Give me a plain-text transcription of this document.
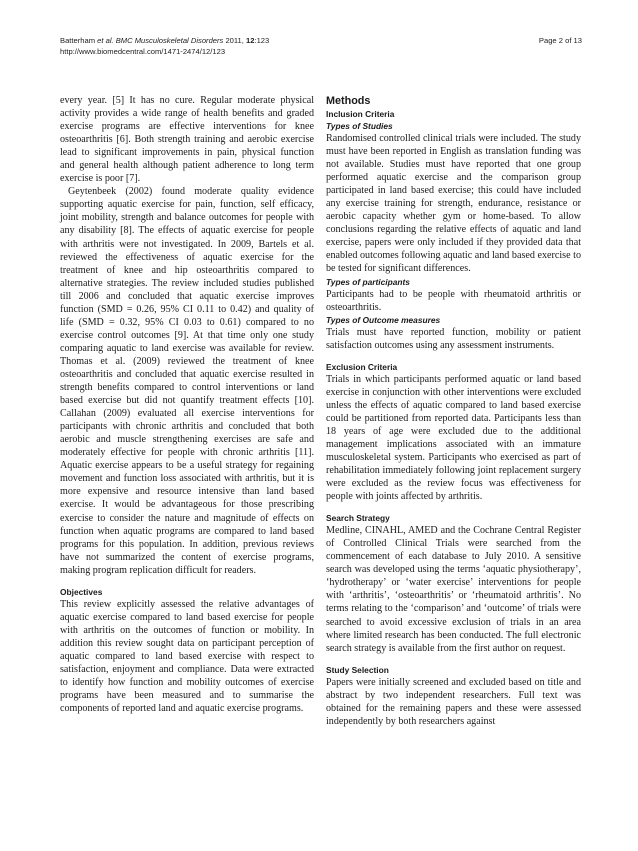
Batterham et al. BMC Musculoskeletal Disorders 2011, 12:123
http://www.biomedcentral.com/1471-2474/12/123
Page 2 of 13

every year. [5] It has no cure. Regular moderate physical activity provides a wide range of health benefits and graded exercise programs are effective interventions for knee osteoarthritis [6]. Both strength training and aerobic exercise lead to significant improvements in pain, physical function and general health although patient adherence to long term exercise is poor [7].

Geytenbeek (2002) found moderate quality evidence supporting aquatic exercise for pain, function, self efficacy, joint mobility, strength and balance outcomes for people with any disability [8]. The effects of aquatic exercise for people with arthritis were not investigated. In 2009, Bartels et al. reviewed the effectiveness of aquatic exercise for the treatment of knee and hip osteoarthritis compared to alternative strategies. The review included studies published till 2006 and concluded that aquatic exercise improves function (SMD = 0.26, 95% CI 0.11 to 0.42) and quality of life (SMD = 0.32, 95% CI 0.03 to 0.61) compared to no exercise control outcomes [9]. At that time only one study comparing aquatic to land exercise was available for review. Thomas et al. (2009) reviewed the treatment of knee osteoarthritis and concluded that aquatic exercise resulted in strength benefits compared to control interventions or land based exercise but did not quantify treatment effects [10]. Callahan (2009) evaluated all exercise interventions for participants with chronic arthritis and concluded that both aerobic and muscle strengthening exercises are safe and moderately effective for people with chronic arthritis [11]. Aquatic exercise appears to be a useful strategy for regaining movement and function loss associated with arthritis, but it is more expensive and resource intensive than land based exercise. It would be advantageous for those prescribing exercise to consider the nature and magnitude of effects on function when aquatic programs are compared to land based programs for this population. In addition, previous reviews have not summarized the content of exercise programs, making program replication difficult for readers.

Objectives

This review explicitly assessed the relative advantages of aquatic exercise compared to land based exercise for people with arthritis on the outcomes of function or mobility. In addition this review sought data on participant perception of aquatic compared to land based exercise with respect to satisfaction, enjoyment and compliance. Data were extracted to identify how function and mobility outcomes of exercise programs have been measured and to summarise the components of reported land and aquatic exercise programs.

Methods
Inclusion Criteria
Types of Studies

Randomised controlled clinical trials were included. The study must have been reported in English as translation funding was not available. Studies must have reported that one group performed aquatic exercise and the comparison group participated in land based exercise; this could have included any exercise training for strength, endurance, resistance or aerobic capacity whether gym or home-based. To allow conclusions regarding the relative effects of aquatic and land exercise, papers were only included if they provided data that enabled outcomes following aquatic and land based exercise to be tested for significant differences.

Types of participants

Participants had to be people with rheumatoid arthritis or osteoarthritis.

Types of Outcome measures

Trials must have reported function, mobility or patient satisfaction outcomes using any assessment instruments.

Exclusion Criteria

Trials in which participants performed aquatic or land based exercise in conjunction with other interventions were excluded unless the effects of aquatic compared to land based exercise could be partitioned from reported data. Participants less than 18 years of age were excluded due to the additional management implications associated with an immature musculoskeletal system. Participants who exercised as part of rehabilitation immediately following joint replacement surgery were excluded as the review focus was effectiveness for people with joints affected by arthritis.

Search Strategy

Medline, CINAHL, AMED and the Cochrane Central Register of Controlled Clinical Trials were searched from the commencement of each database to July 2010. A sensitive search was developed using the terms ‘aquatic physiotherapy’, ‘hydrotherapy’ or ‘water exercise’ interventions for people with ‘arthritis’, ‘osteoarthritis’ or ‘rheumatoid arthritis’. No terms relating to the ‘comparison’ and ‘outcome’ of trials were searched to avoid excessive exclusion of trials in an area where limited research has been conducted. The full electronic search strategy is available from the first author on request.

Study Selection

Papers were initially screened and excluded based on title and abstract by two independent researchers. Full text was obtained for the remaining papers and these were assessed independently by both researchers against
